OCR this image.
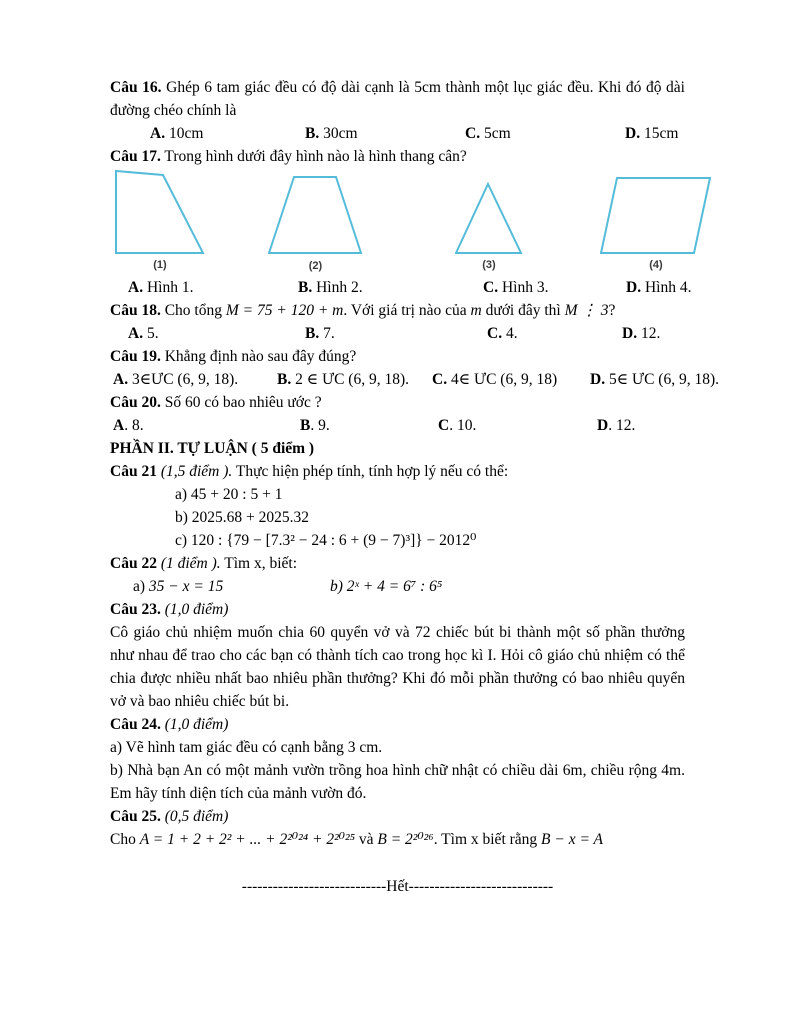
Câu 16. Ghép 6 tam giác đều có độ dài cạnh là 5cm thành một lục giác đều. Khi đó độ dài đường chéo chính là
A. 10cm	B. 30cm	C. 5cm	D. 15cm
Câu 17. Trong hình dưới đây hình nào là hình thang cân?
(1)	(2)	(3)	(4)
A. Hình 1.	B. Hình 2.	C. Hình 3.	D. Hình 4.
Câu 18. Cho tổng M = 75 + 120 + m. Với giá trị nào của m dưới đây thì M ⋮ 3?
A. 5.	B. 7.	C. 4.	D. 12.
Câu 19. Khẳng định nào sau đây đúng?
A. 3∈ƯC (6, 9, 18).	B. 2 ∈ ƯC (6, 9, 18). C. 4∈ ƯC (6, 9, 18) D. 5∈ ƯC (6, 9, 18).
Câu 20. Số 60 có bao nhiêu ước ?
A. 8.	B. 9.	C. 10.	D. 12.
PHẦN II. TỰ LUẬN ( 5 điểm )
Câu 21 (1,5 điểm ). Thực hiện phép tính, tính hợp lý nếu có thể:
a) 45 + 20 : 5 + 1
b) 2025.68 + 2025.32
c) 120 : {79 − [7.3² − 24 : 6 + (9 − 7)³]} − 2012⁰
Câu 22 (1 điểm ). Tìm x, biết:
a) 35 − x = 15	b) 2ˣ + 4 = 6⁷ : 6⁵
Câu 23. (1,0 điểm)
Cô giáo chủ nhiệm muốn chia 60 quyển vở và 72 chiếc bút bi thành một số phần thưởng như nhau để trao cho các bạn có thành tích cao trong học kì I. Hỏi cô giáo chủ nhiệm có thể chia được nhiều nhất bao nhiêu phần thưởng? Khi đó mỗi phần thưởng có bao nhiêu quyển vở và bao nhiêu chiếc bút bi.
Câu 24. (1,0 điểm)
a) Vẽ hình tam giác đều có cạnh bằng 3 cm.
b) Nhà bạn An có một mảnh vườn trồng hoa hình chữ nhật có chiều dài 6m, chiều rộng 4m. Em hãy tính diện tích của mảnh vườn đó.
Câu 25. (0,5 điểm)
Cho A = 1 + 2 + 2² + ... + 2²⁰²⁴ + 2²⁰²⁵ và B = 2²⁰²⁶. Tìm x biết rằng B − x = A
----------------------------Hết----------------------------
